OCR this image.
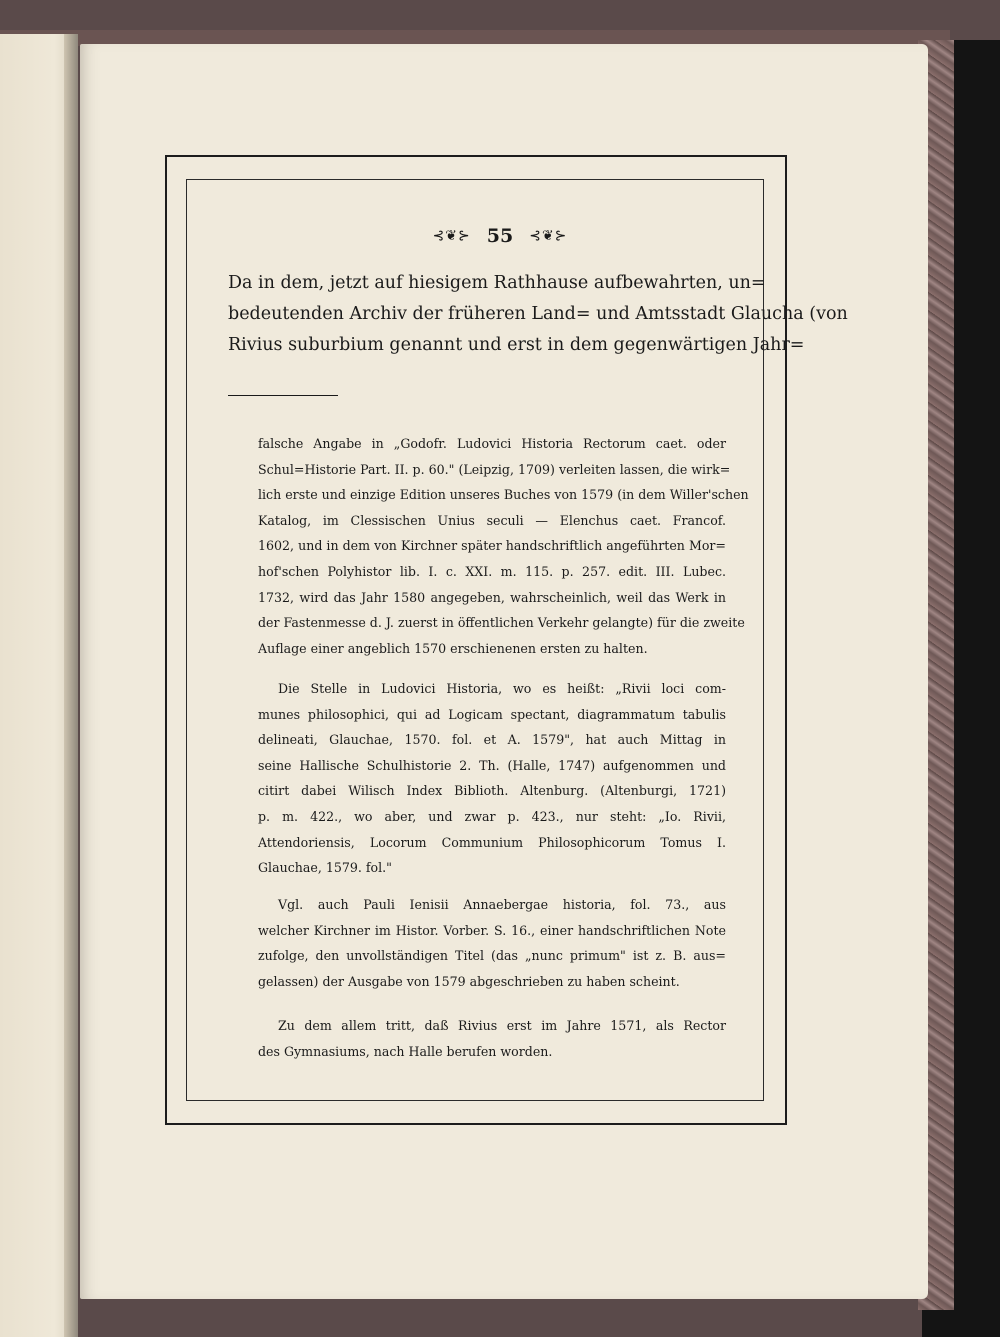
⊰❦⊱ 55 ⊰❦⊱

Da in dem, jetzt auf hiesigem Rathhause aufbewahrten, un=
bedeutenden Archiv der früheren Land= und Amtsstadt Glaucha (von
Rivius suburbium genannt und erst in dem gegenwärtigen Jahr=

falsche Angabe in „Godofr. Ludovici Historia Rectorum caet. oder
Schul=Historie Part. II. p. 60." (Leipzig, 1709) verleiten lassen, die wirk=
lich erste und einzige Edition unseres Buches von 1579 (in dem Willer'schen
Katalog, im Clessischen Unius seculi — Elenchus caet. Francof.
1602, und in dem von Kirchner später handschriftlich angeführten Mor=
hof'schen Polyhistor lib. I. c. XXI. m. 115. p. 257. edit. III. Lubec.
1732, wird das Jahr 1580 angegeben, wahrscheinlich, weil das Werk in
der Fastenmesse d. J. zuerst in öffentlichen Verkehr gelangte) für die zweite
Auflage einer angeblich 1570 erschienenen ersten zu halten.

Die Stelle in Ludovici Historia, wo es heißt: „Rivii loci com-
munes philosophici, qui ad Logicam spectant, diagrammatum tabulis
delineati, Glauchae, 1570. fol. et A. 1579", hat auch Mittag in
seine Hallische Schulhistorie 2. Th. (Halle, 1747) aufgenommen und
citirt dabei Wilisch Index Biblioth. Altenburg. (Altenburgi, 1721)
p. m. 422., wo aber, und zwar p. 423., nur steht: „Io. Rivii,
Attendoriensis, Locorum Communium Philosophicorum Tomus I.
Glauchae, 1579. fol."

Vgl. auch Pauli Ienisii Annaebergae historia, fol. 73., aus
welcher Kirchner im Histor. Vorber. S. 16., einer handschriftlichen Note
zufolge, den unvollständigen Titel (das „nunc primum" ist z. B. aus=
gelassen) der Ausgabe von 1579 abgeschrieben zu haben scheint.

Zu dem allem tritt, daß Rivius erst im Jahre 1571, als Rector
des Gymnasiums, nach Halle berufen worden.
